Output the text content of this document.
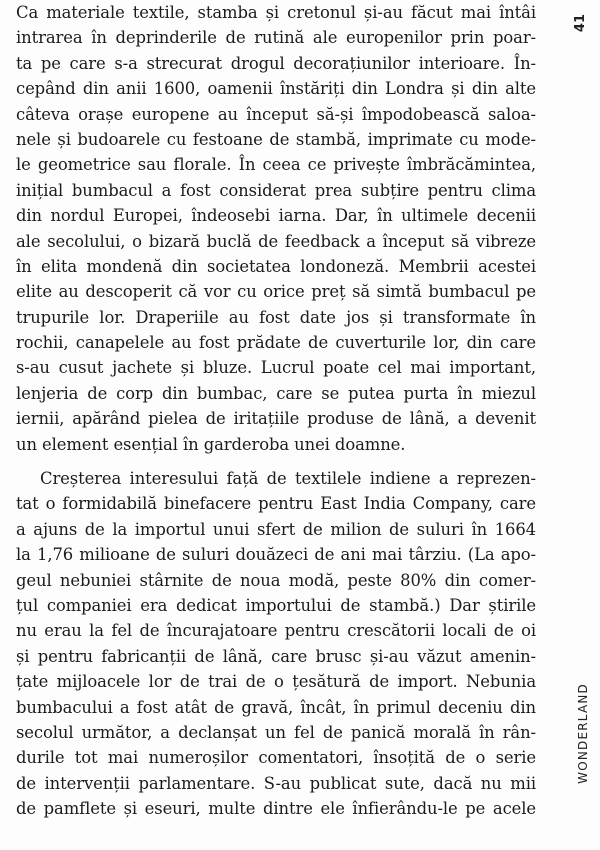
Ca materiale textile, stamba și cretonul și-au făcut mai întâi
intrarea în deprinderile de rutină ale europenilor prin poar-
ta pe care s-a strecurat drogul decorațiunilor interioare. În-
cepând din anii 1600, oamenii înstăriți din Londra și din alte
câteva orașe europene au început să-și împodobească saloa-
nele și budoarele cu festoane de stambă, imprimate cu mode-
le geometrice sau florale. În ceea ce privește îmbrăcămintea,
inițial bumbacul a fost considerat prea subțire pentru clima
din nordul Europei, îndeosebi iarna. Dar, în ultimele decenii
ale secolului, o bizară buclă de feedback a început să vibreze
în elita mondenă din societatea londoneză. Membrii acestei
elite au descoperit că vor cu orice preț să simtă bumbacul pe
trupurile lor. Draperiile au fost date jos și transformate în
rochii, canapelele au fost prădate de cuverturile lor, din care
s-au cusut jachete și bluze. Lucrul poate cel mai important,
lenjeria de corp din bumbac, care se putea purta în miezul
iernii, apărând pielea de iritațiile produse de lână, a devenit
un element esențial în garderoba unei doamne.
Creșterea interesului față de textilele indiene a reprezen-
tat o formidabilă binefacere pentru East India Company, care
a ajuns de la importul unui sfert de milion de suluri în 1664
la 1,76 milioane de suluri douăzeci de ani mai târziu. (La apo-
geul nebuniei stârnite de noua modă, peste 80% din comer-
țul companiei era dedicat importului de stambă.) Dar știrile
nu erau la fel de încurajatoare pentru crescătorii locali de oi
și pentru fabricanții de lână, care brusc și-au văzut amenin-
țate mijloacele lor de trai de o țesătură de import. Nebunia
bumbacului a fost atât de gravă, încât, în primul deceniu din
secolul următor, a declanșat un fel de panică morală în rân-
durile tot mai numeroșilor comentatori, însoțită de o serie
de intervenții parlamentare. S-au publicat sute, dacă nu mii
de pamflete și eseuri, multe dintre ele înfierându-le pe acele
41
WONDERLAND
